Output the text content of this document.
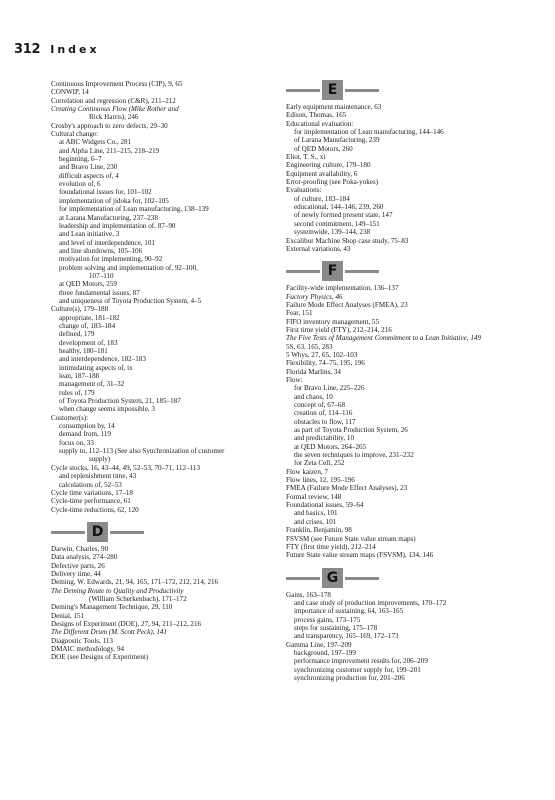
312 Index
Continuous Improvement Process (CIP), 9, 65
CONWIP, 14
Correlation and regression (C&R), 211–212
Creating Continuous Flow (Mike Rother and
Rick Harris), 246
Crosby's approach to zero defects, 29–30
Cultural change:
at ABC Widgets Co., 281
and Alpha Line, 211–215, 218–219
beginning, 6–7
and Bravo Line, 230
difficult aspects of, 4
evolution of, 6
foundational issues for, 101–102
implementation of jidoka for, 102–105
for implementation of Lean manufacturing, 138–139
at Larana Manufacturing, 237–238
leadership and implementation of, 87–90
and Lean initiative, 3
and level of interdependence, 101
and line shutdowns, 105–106
motivation for implementing, 90–92
problem solving and implementation of, 92–100,
107–110
at QED Motors, 259
three fundamental issues, 87
and uniqueness of Toyota Production System, 4–5
Culture(s), 179–188
appropriate, 181–182
change of, 183–184
defined, 179
development of, 183
healthy, 180–181
and interdependence, 182–183
intimidating aspects of, ix
lean, 187–188
management of, 31–32
rules of, 179
of Toyota Production System, 21, 185–187
when change seems impossible, 3
Customer(s):
consumption by, 14
demand from, 119
focus on, 33
supply to, 112–113 (See also Synchronization of customer
supply)
Cycle stocks, 16, 43–44, 49, 52–53, 70–71, 112–113
and replenishment time, 43
calculations of, 52–53
Cycle time variations, 17–18
Cycle-time performance, 61
Cycle-time reductions, 62, 120
D
Darwin, Charles, 90
Data analysis, 274–280
Defective parts, 26
Delivery time, 44
Deming, W. Edwards, 21, 94, 165, 171–172, 212, 214, 216
The Deming Route to Quality and Productivity
(William Scherkenbach), 171–172
Deming's Management Technique, 29, 110
Denial, 151
Designs of Experiment (DOE), 27, 94, 211–212, 216
The Different Drum (M. Scott Peck), 141
Diagnostic Tools, 113
DMAIC methodology, 94
DOE (see Designs of Experiment)
E
Early equipment maintenance, 63
Edison, Thomas, 165
Educational evaluation:
for implementation of Lean manufacturing, 144–146
of Larana Manufacturing, 239
of QED Motors, 260
Eliot, T. S., xi
Engineering culture, 179–180
Equipment availability, 6
Error-proofing (see Poka-yokes)
Evaluations:
of culture, 183–184
educational, 144–146, 239, 260
of newly formed present state, 147
second commitment, 149–151
systemwide, 139–144, 238
Excalibur Machine Shop case study, 75–83
External variations, 43
F
Facility-wide implementation, 136–137
Factory Physics, 46
Failure Mode Effect Analyses (FMEA), 23
Fear, 151
FIFO inventory management, 55
First time yield (FTY), 212–214, 216
The Five Tests of Management Commitment to a Lean Initiative, 149
5S, 63, 165, 283
5 Whys, 27, 65, 102–103
Flexibility, 74–75, 195, 196
Florida Marlins, 34
Flow:
for Bravo Line, 225–226
and chaos, 10
concept of, 67–68
creation of, 114–116
obstacles to flow, 117
as part of Toyota Production System, 26
and predictability, 10
at QED Motors, 264–265
the seven techniques to improve, 231–232
for Zeta Cell, 252
Flow kaizen, 7
Flow lines, 12, 195–196
FMEA (Failure Mode Effect Analyses), 23
Formal review, 148
Foundational issues, 59–64
and basics, 101
and crises, 101
Franklin, Benjamin, 98
FSVSM (see Future State value stream maps)
FTY (first time yield), 212–214
Future State value stream maps (FSVSM), 134, 146
G
Gains, 163–178
and case study of production improvements, 170–172
importance of sustaining, 64, 163–165
process gains, 173–175
steps for sustaining, 175–178
and transparency, 165–169, 172–173
Gamma Line, 197–209
background, 197–199
performance improvement results for, 206–209
synchronizing customer supply for, 199–201
synchronizing production for, 201–206
